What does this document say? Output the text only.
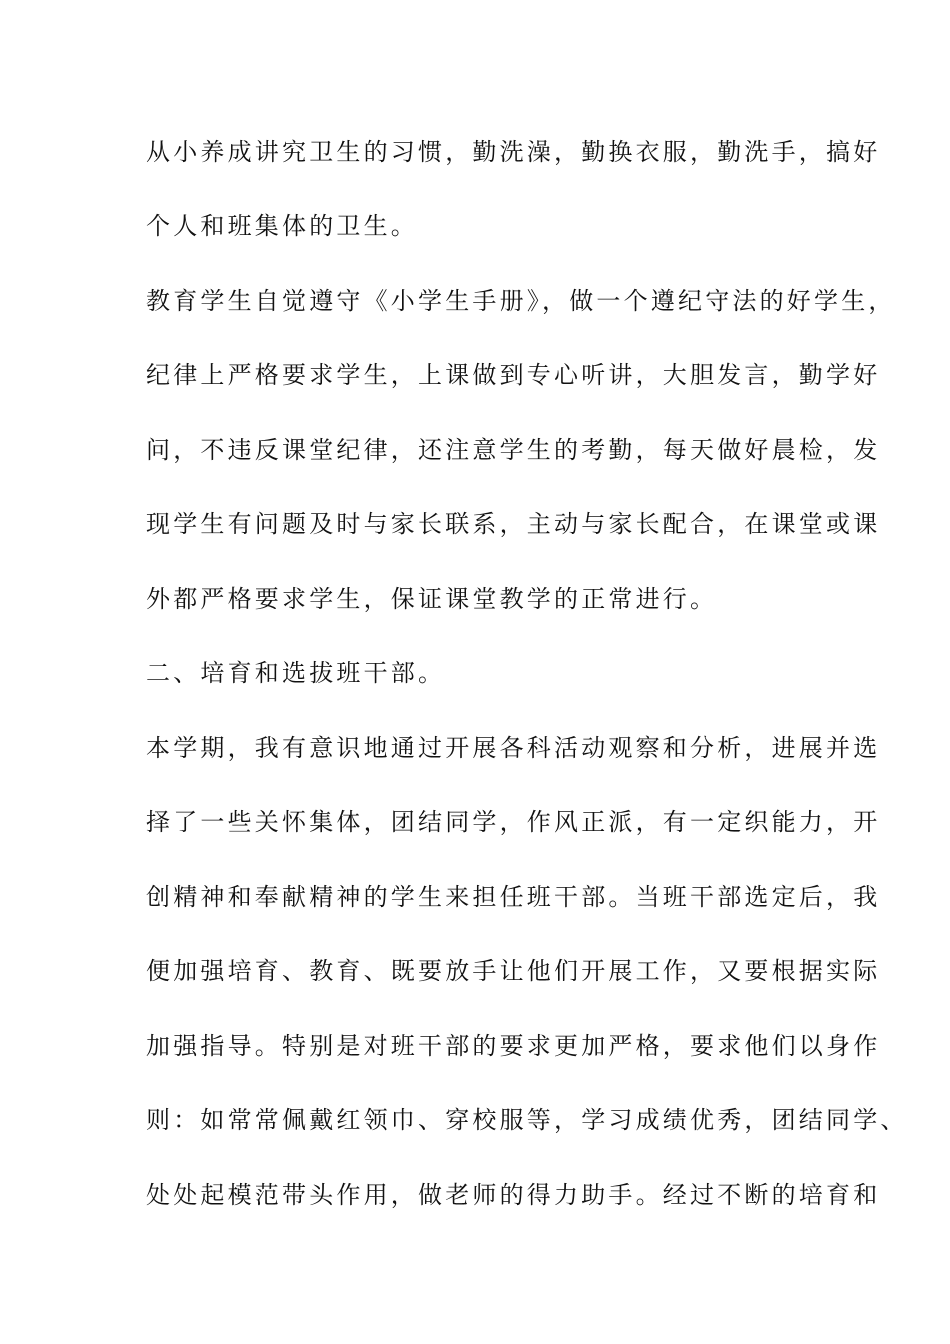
从小养成讲究卫生的习惯，勤洗澡，勤换衣服，勤洗手，搞好

个人和班集体的卫生。

教育学生自觉遵守《小学生手册》，做一个遵纪守法的好学生，

纪律上严格要求学生，上课做到专心听讲，大胆发言，勤学好

问，不违反课堂纪律，还注意学生的考勤，每天做好晨检，发

现学生有问题及时与家长联系，主动与家长配合，在课堂或课

外都严格要求学生，保证课堂教学的正常进行。

二、培育和选拔班干部。

本学期，我有意识地通过开展各科活动观察和分析，进展并选

择了一些关怀集体，团结同学，作风正派，有一定织能力，开

创精神和奉献精神的学生来担任班干部。当班干部选定后，我

便加强培育、教育、既要放手让他们开展工作，又要根据实际

加强指导。特别是对班干部的要求更加严格，要求他们以身作

则：如常常佩戴红领巾、穿校服等，学习成绩优秀，团结同学、

处处起模范带头作用，做老师的得力助手。经过不断的培育和
